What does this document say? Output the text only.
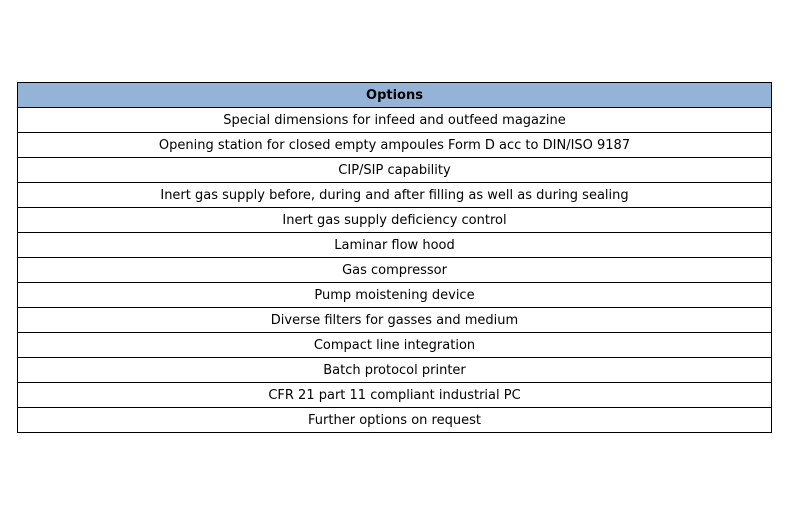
Options
Special dimensions for infeed and outfeed magazine
Opening station for closed empty ampoules Form D acc to DIN/ISO 9187
CIP/SIP capability
Inert gas supply before, during and after filling as well as during sealing
Inert gas supply deficiency control
Laminar flow hood
Gas compressor
Pump moistening device
Diverse filters for gasses and medium
Compact line integration
Batch protocol printer
CFR 21 part 11 compliant industrial PC
Further options on request
